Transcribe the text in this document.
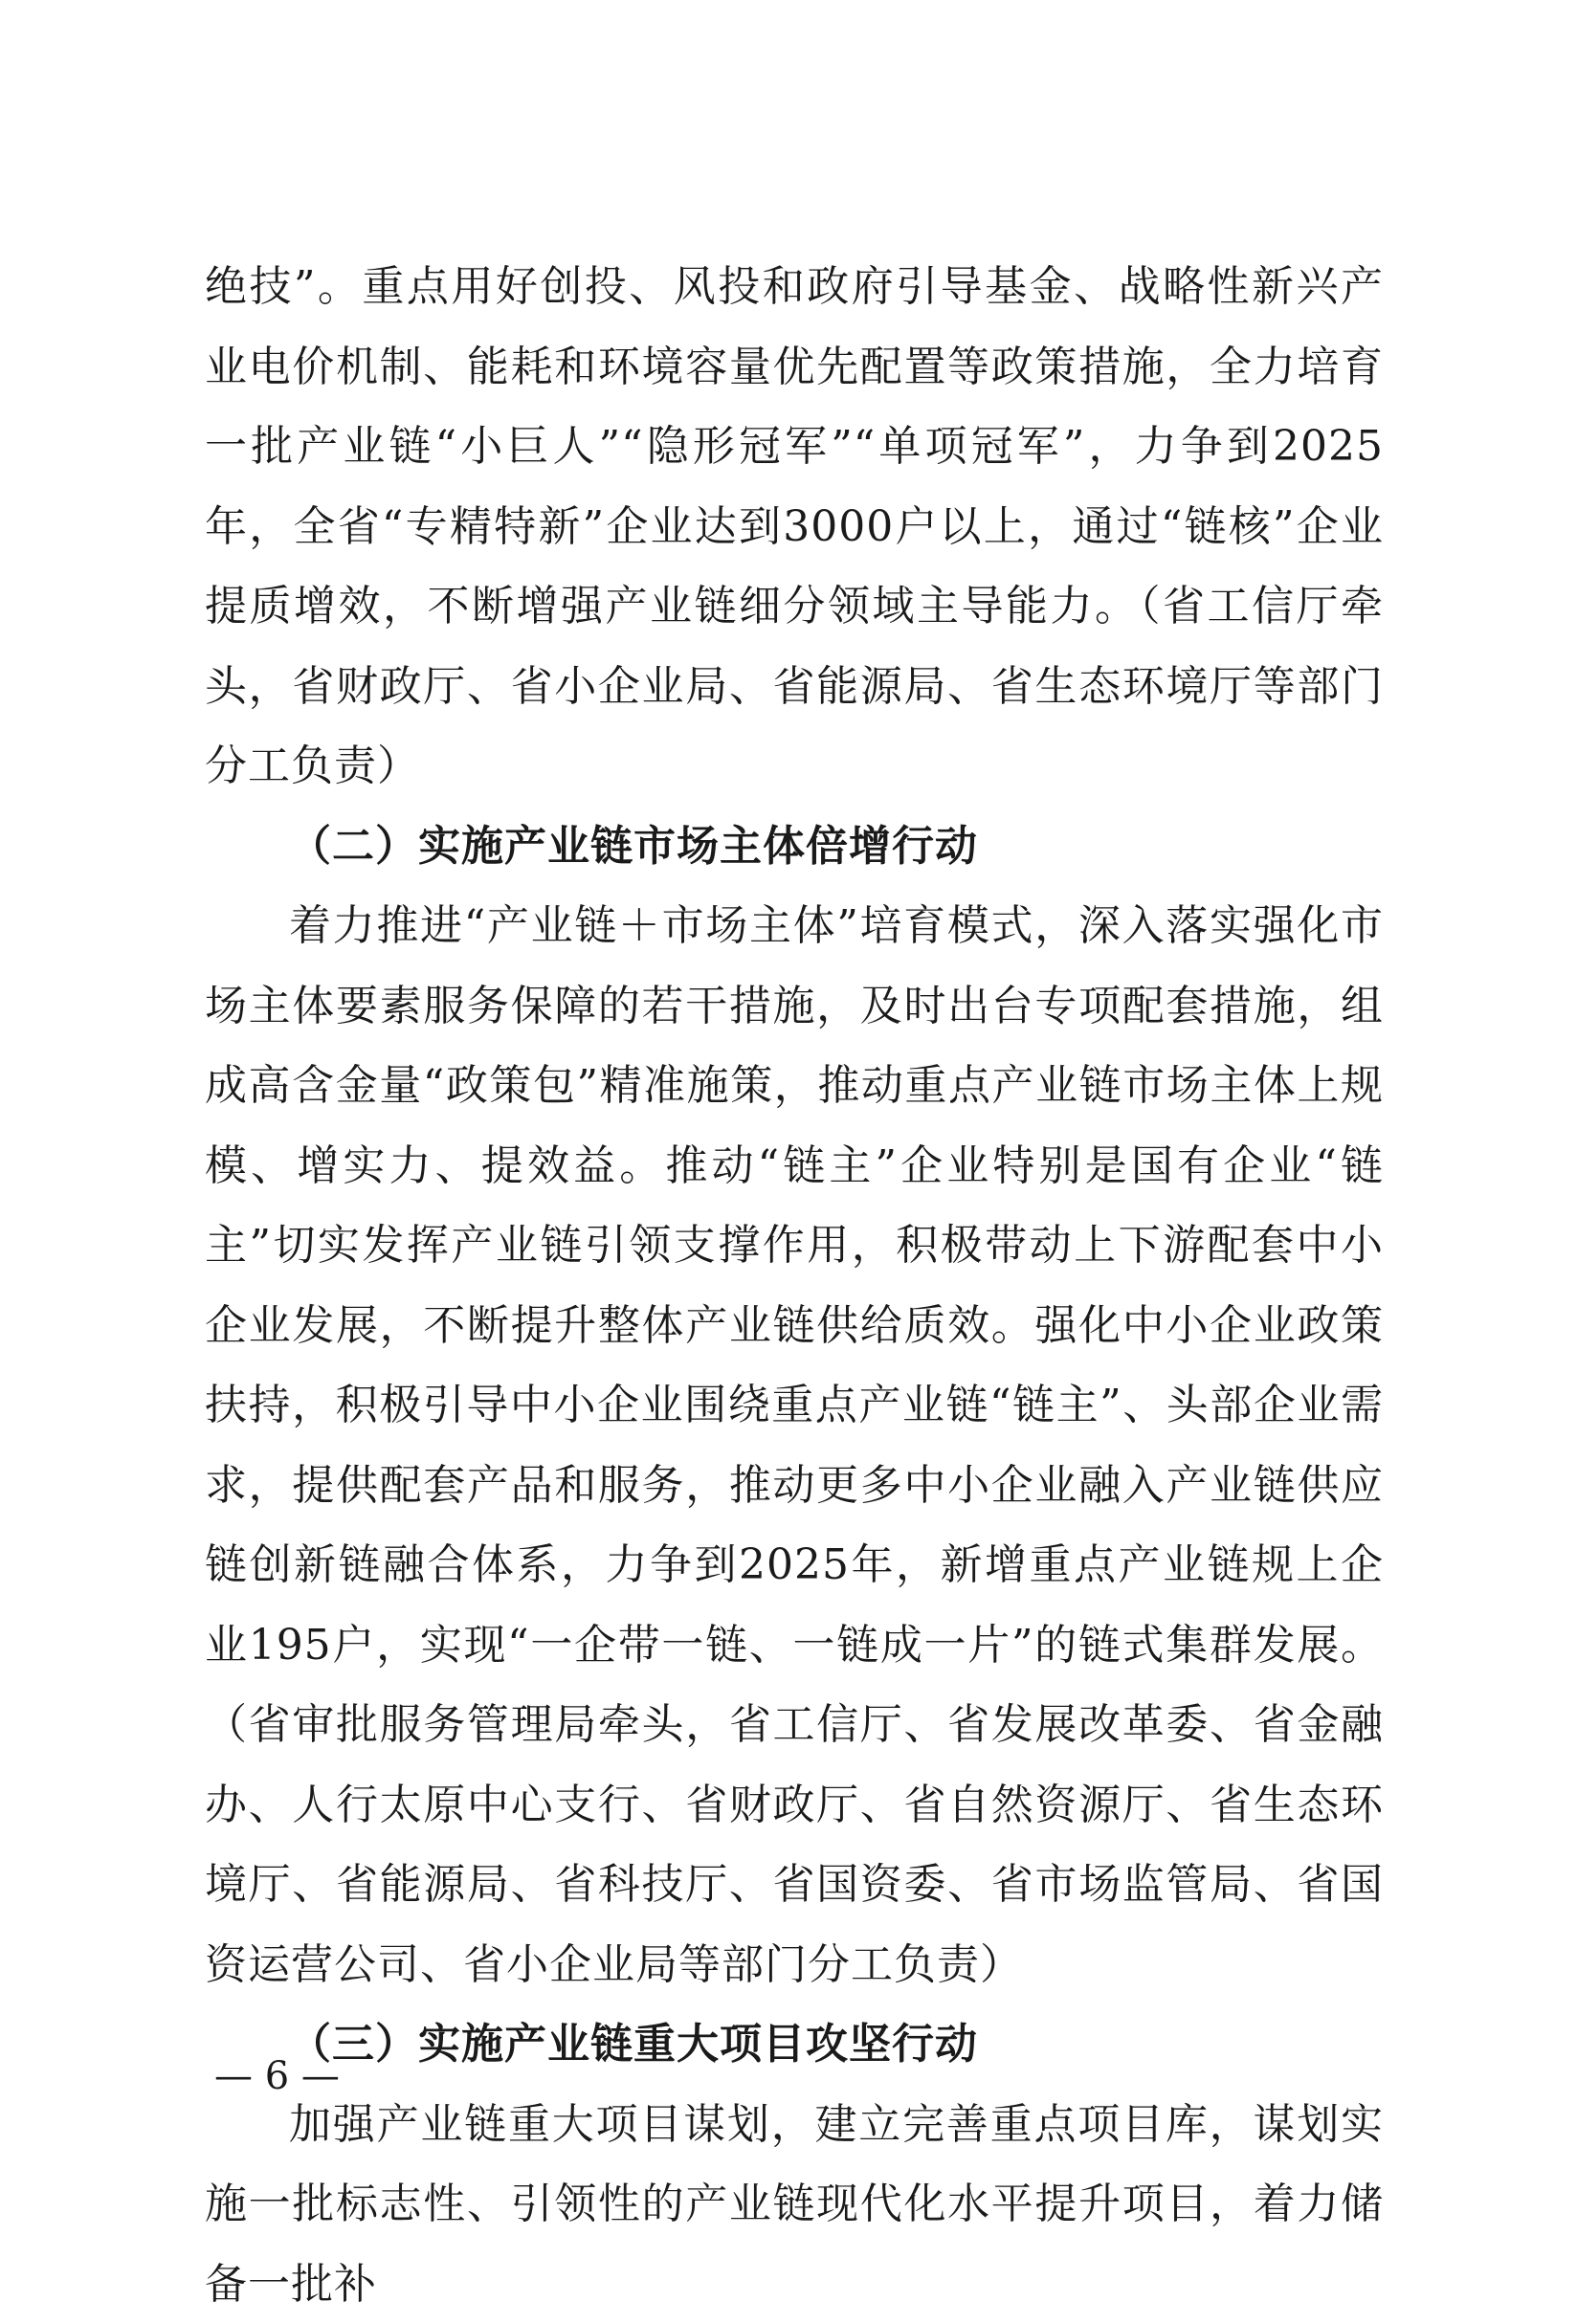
绝技”。重点用好创投、风投和政府引导基金、战略性新兴产业电价机制、能耗和环境容量优先配置等政策措施，全力培育一批产业链“小巨人”“隐形冠军”“单项冠军”，力争到2025年，全省“专精特新”企业达到3000户以上，通过“链核”企业提质增效，不断增强产业链细分领域主导能力。（省工信厅牵头，省财政厅、省小企业局、省能源局、省生态环境厅等部门分工负责）

（二）实施产业链市场主体倍增行动

着力推进“产业链＋市场主体”培育模式，深入落实强化市场主体要素服务保障的若干措施，及时出台专项配套措施，组成高含金量“政策包”精准施策，推动重点产业链市场主体上规模、增实力、提效益。推动“链主”企业特别是国有企业“链主”切实发挥产业链引领支撑作用，积极带动上下游配套中小企业发展，不断提升整体产业链供给质效。强化中小企业政策扶持，积极引导中小企业围绕重点产业链“链主”、头部企业需求，提供配套产品和服务，推动更多中小企业融入产业链供应链创新链融合体系，力争到2025年，新增重点产业链规上企业195户，实现“一企带一链、一链成一片”的链式集群发展。（省审批服务管理局牵头，省工信厅、省发展改革委、省金融办、人行太原中心支行、省财政厅、省自然资源厅、省生态环境厅、省能源局、省科技厅、省国资委、省市场监管局、省国资运营公司、省小企业局等部门分工负责）

（三）实施产业链重大项目攻坚行动

加强产业链重大项目谋划，建立完善重点项目库，谋划实施一批标志性、引领性的产业链现代化水平提升项目，着力储备一批补

— 6 —
